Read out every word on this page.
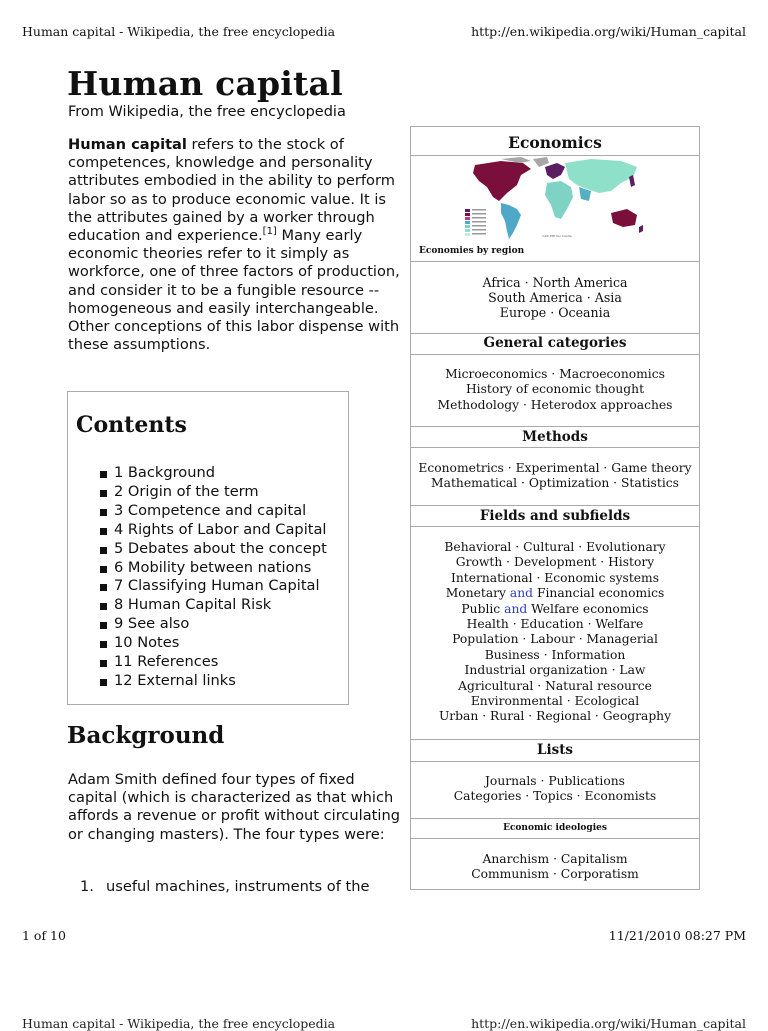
Human capital - Wikipedia, the free encyclopedia	http://en.wikipedia.org/wiki/Human_capital
Human capital
From Wikipedia, the free encyclopedia
Human capital refers to the stock of competences, knowledge and personality attributes embodied in the ability to perform labor so as to produce economic value. It is the attributes gained by a worker through education and experience.[1] Many early economic theories refer to it simply as workforce, one of three factors of production, and consider it to be a fungible resource -- homogeneous and easily interchangeable. Other conceptions of this labor dispense with these assumptions.
Contents
1 Background
2 Origin of the term
3 Competence and capital
4 Rights of Labor and Capital
5 Debates about the concept
6 Mobility between nations
7 Classifying Human Capital
8 Human Capital Risk
9 See also
10 Notes
11 References
12 External links
Background
Adam Smith defined four types of fixed capital (which is characterized as that which affords a revenue or profit without circulating or changing masters). The four types were:
1. useful machines, instruments of the
Economics
GDP PPP Per Capita
Economies by region
Africa · North America
South America · Asia
Europe · Oceania
General categories
Microeconomics · Macroeconomics
History of economic thought
Methodology · Heterodox approaches
Methods
Econometrics · Experimental · Game theory
Mathematical · Optimization · Statistics
Fields and subfields
Behavioral · Cultural · Evolutionary
Growth · Development · History
International · Economic systems
Monetary and Financial economics
Public and Welfare economics
Health · Education · Welfare
Population · Labour · Managerial
Business · Information
Industrial organization · Law
Agricultural · Natural resource
Environmental · Ecological
Urban · Rural · Regional · Geography
Lists
Journals · Publications
Categories · Topics · Economists
Economic ideologies
Anarchism · Capitalism
Communism · Corporatism
1 of 10	11/21/2010 08:27 PM
Human capital - Wikipedia, the free encyclopedia	http://en.wikipedia.org/wiki/Human_capital
